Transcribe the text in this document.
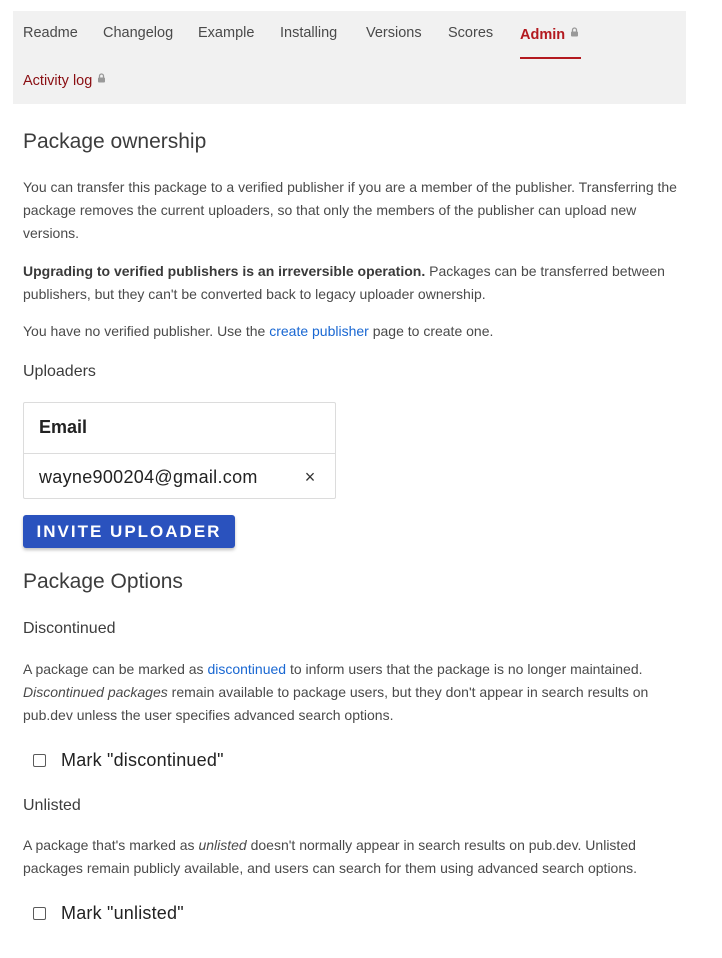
Readme Changelog Example Installing Versions Scores Admin
Activity log
Package ownership

You can transfer this package to a verified publisher if you are a member of the publisher. Transferring the package removes the current uploaders, so that only the members of the publisher can upload new versions.

Upgrading to verified publishers is an irreversible operation. Packages can be transferred between publishers, but they can't be converted back to legacy uploader ownership.

You have no verified publisher. Use the create publisher page to create one.

Uploaders
Email
wayne900204@gmail.com	×
INVITE UPLOADER
Package Options
Discontinued

A package can be marked as discontinued to inform users that the package is no longer maintained. Discontinued packages remain available to package users, but they don't appear in search results on pub.dev unless the user specifies advanced search options.

Mark "discontinued"
Unlisted

A package that's marked as unlisted doesn't normally appear in search results on pub.dev. Unlisted packages remain publicly available, and users can search for them using advanced search options.

Mark "unlisted"
